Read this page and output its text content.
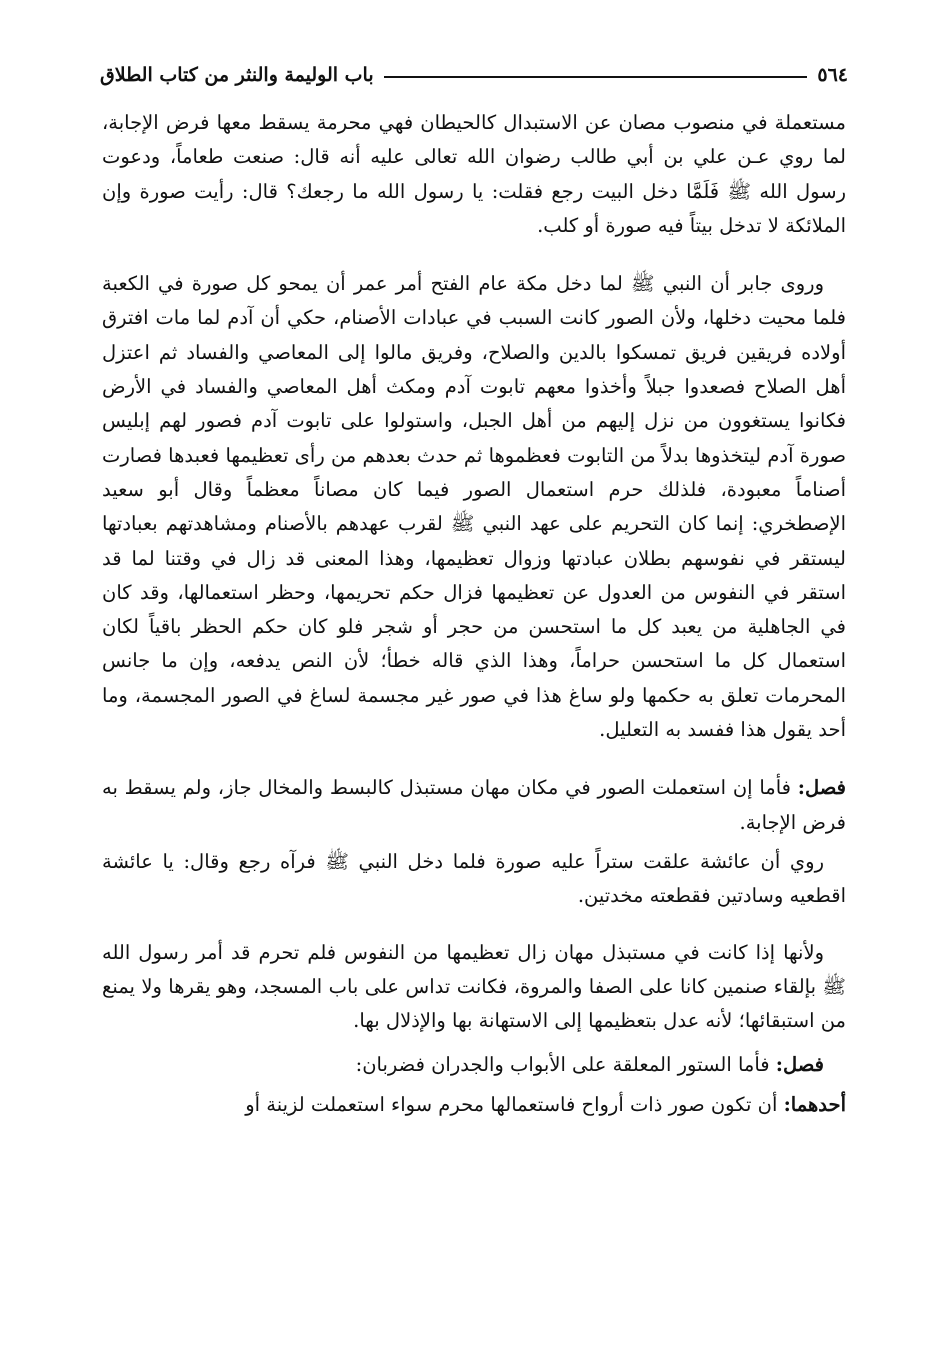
٥٦٤
باب الوليمة والنثر من كتاب الطلاق

مستعملة في منصوب مصان عن الاستبدال كالحيطان فهي محرمة يسقط معها فرض الإجابة، لما روي عـن علي بن أبي طالب رضوان الله تعالى عليه أنه قال: صنعت طعاماً، ودعوت رسول الله ﷺ فَلَمَّا دخل البيت رجع فقلت: يا رسول الله ما رجعك؟ قال: رأيت صورة وإن الملائكة لا تدخل بيتاً فيه صورة أو كلب.

وروى جابر أن النبي ﷺ لما دخل مكة عام الفتح أمر عمر أن يمحو كل صورة في الكعبة فلما محيت دخلها، ولأن الصور كانت السبب في عبادات الأصنام، حكي أن آدم لما مات افترق أولاده فريقين فريق تمسكوا بالدين والصلاح، وفريق مالوا إلى المعاصي والفساد ثم اعتزل أهل الصلاح فصعدوا جبلاً وأخذوا معهم تابوت آدم ومكث أهل المعاصي والفساد في الأرض فكانوا يستغوون من نزل إليهم من أهل الجبل، واستولوا على تابوت آدم فصور لهم إبليس صورة آدم ليتخذوها بدلاً من التابوت فعظموها ثم حدث بعدهم من رأى تعظيمها فعبدها فصارت أصناماً معبودة، فلذلك حرم استعمال الصور فيما كان مصاناً معظماً وقال أبو سعيد الإصطخري: إنما كان التحريم على عهد النبي ﷺ لقرب عهدهم بالأصنام ومشاهدتهم بعبادتها ليستقر في نفوسهم بطلان عبادتها وزوال تعظيمها، وهذا المعنى قد زال في وقتنا لما قد استقر في النفوس من العدول عن تعظيمها فزال حكم تحريمها، وحظر استعمالها، وقد كان في الجاهلية من يعبد كل ما استحسن من حجر أو شجر فلو كان حكم الحظر باقياً لكان استعمال كل ما استحسن حراماً، وهذا الذي قاله خطأ؛ لأن النص يدفعه، وإن ما جانس المحرمات تعلق به حكمها ولو ساغ هذا في صور غير مجسمة لساغ في الصور المجسمة، وما أحد يقول هذا ففسد به التعليل.

فصل: فأما إن استعملت الصور في مكان مهان مستبذل كالبسط والمخال جاز، ولم يسقط به فرض الإجابة.

روي أن عائشة علقت ستراً عليه صورة فلما دخل النبي ﷺ فرآه رجع وقال: يا عائشة اقطعيه وسادتين فقطعته مخدتين.

ولأنها إذا كانت في مستبذل مهان زال تعظيمها من النفوس فلم تحرم قد أمر رسول الله ﷺ بإلقاء صنمين كانا على الصفا والمروة، فكانت تداس على باب المسجد، وهو يقرها ولا يمنع من استبقائها؛ لأنه عدل بتعظيمها إلى الاستهانة بها والإذلال بها.

فصل: فأما الستور المعلقة على الأبواب والجدران فضربان:

أحدهما: أن تكون صور ذات أرواح فاستعمالها محرم سواء استعملت لزينة أو
